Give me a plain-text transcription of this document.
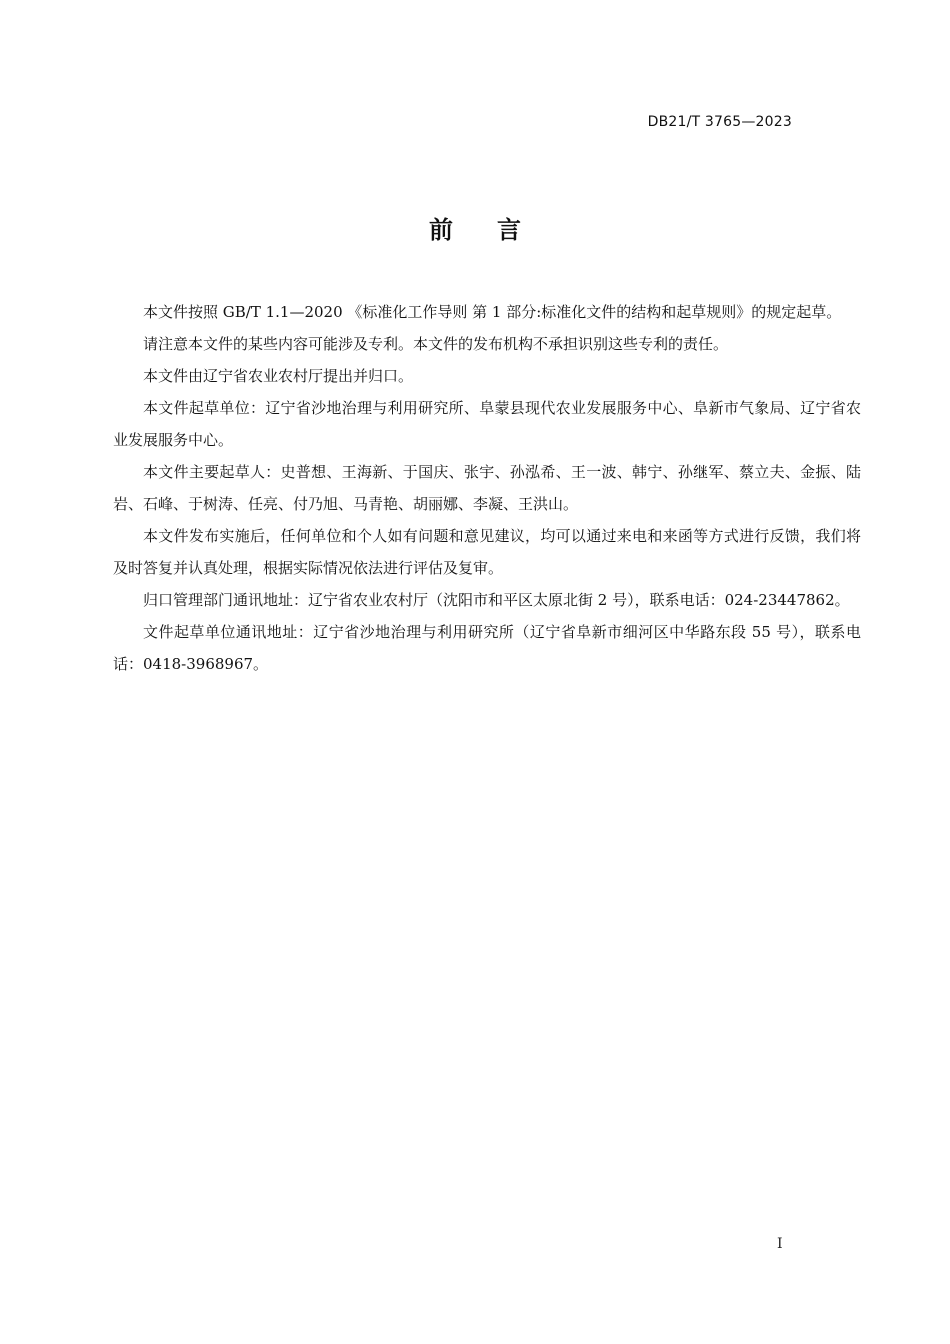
DB21/T 3765—2023
前言

本文件按照 GB/T 1.1—2020 《标准化工作导则 第 1 部分:标准化文件的结构和起草规则》的规定起草。

请注意本文件的某些内容可能涉及专利。本文件的发布机构不承担识别这些专利的责任。

本文件由辽宁省农业农村厅提出并归口。

本文件起草单位：辽宁省沙地治理与利用研究所、阜蒙县现代农业发展服务中心、阜新市气象局、辽宁省农业发展服务中心。

本文件主要起草人：史普想、王海新、于国庆、张宇、孙泓希、王一波、韩宁、孙继军、蔡立夫、金振、陆岩、石峰、于树涛、任亮、付乃旭、马青艳、胡丽娜、李凝、王洪山。

本文件发布实施后，任何单位和个人如有问题和意见建议，均可以通过来电和来函等方式进行反馈，我们将及时答复并认真处理，根据实际情况依法进行评估及复审。

归口管理部门通讯地址：辽宁省农业农村厅（沈阳市和平区太原北街 2 号），联系电话：024-23447862。

文件起草单位通讯地址：辽宁省沙地治理与利用研究所（辽宁省阜新市细河区中华路东段 55 号），联系电话：0418-3968967。

I
